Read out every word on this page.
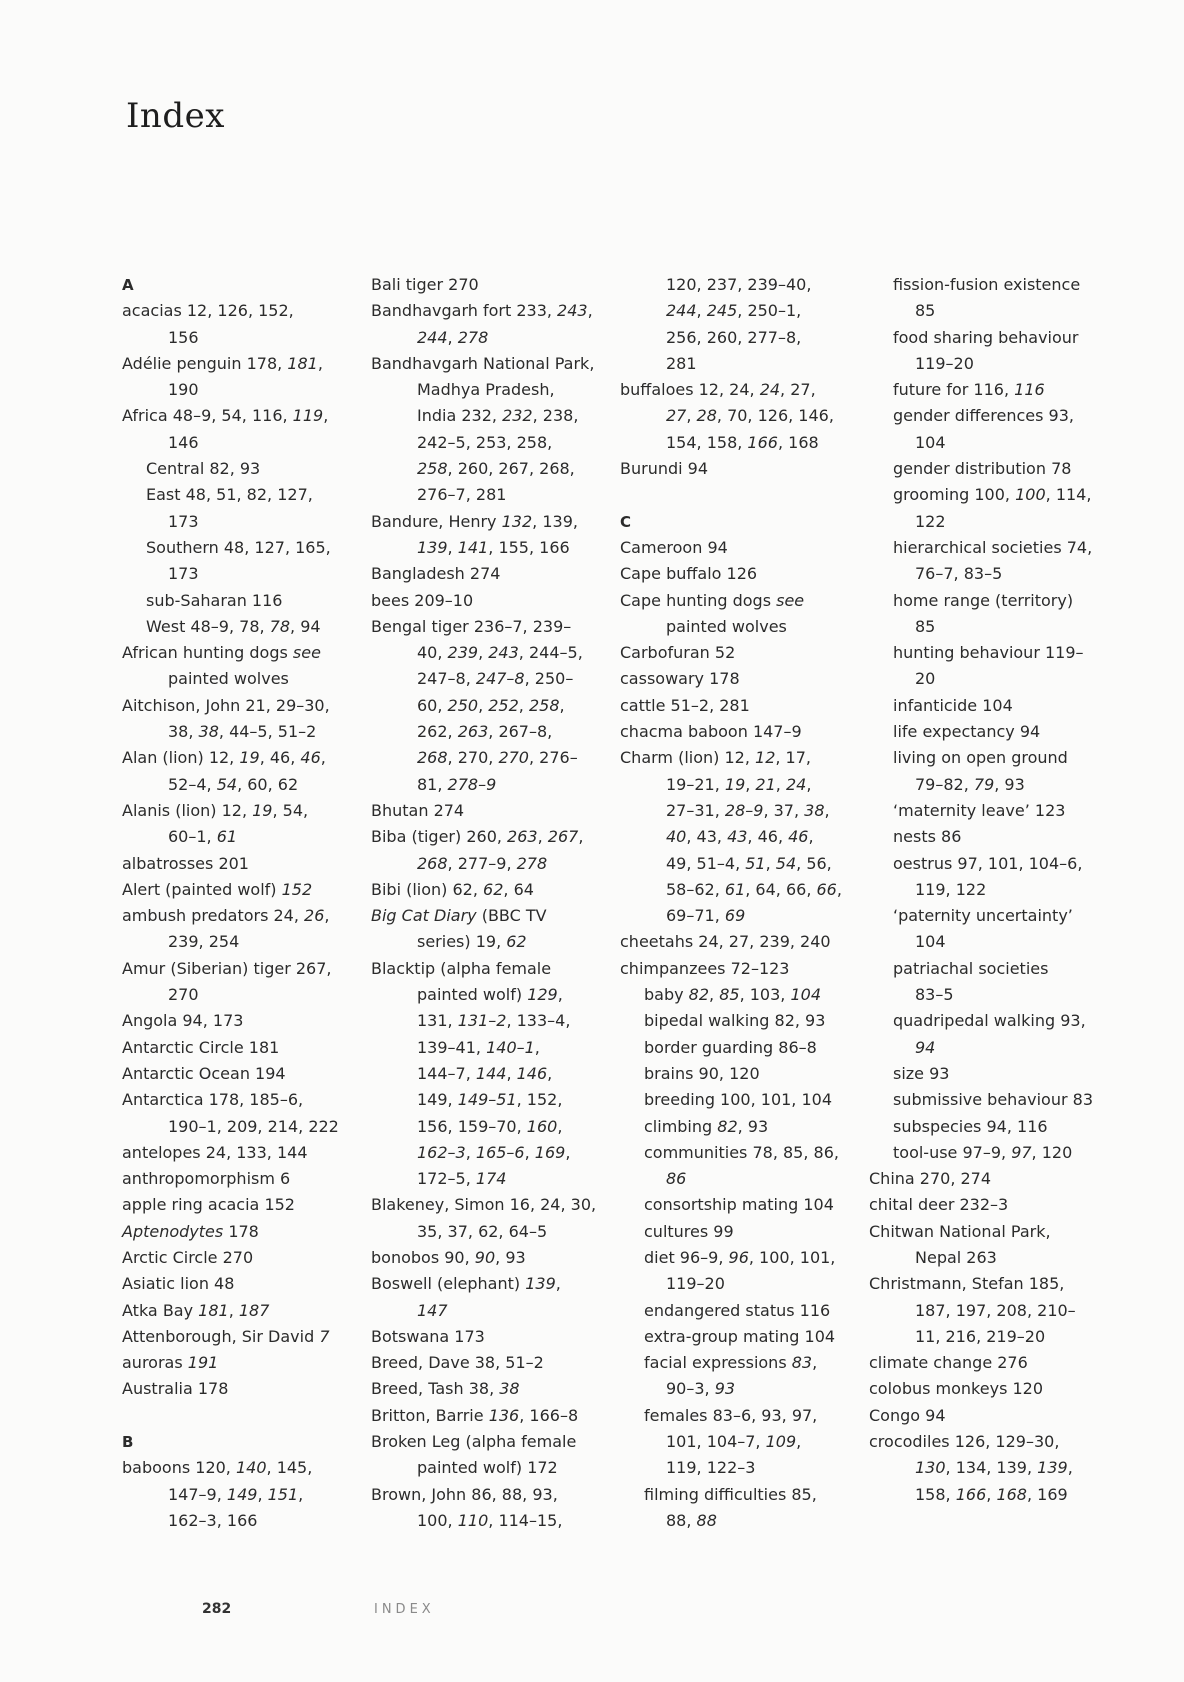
Index
A
acacias 12, 126, 152,
156
Adélie penguin 178, 181,
190
Africa 48–9, 54, 116, 119,
146
Central 82, 93
East 48, 51, 82, 127,
173
Southern 48, 127, 165,
173
sub-Saharan 116
West 48–9, 78, 78, 94
African hunting dogs see
painted wolves
Aitchison, John 21, 29–30,
38, 38, 44–5, 51–2
Alan (lion) 12, 19, 46, 46,
52–4, 54, 60, 62
Alanis (lion) 12, 19, 54,
60–1, 61
albatrosses 201
Alert (painted wolf) 152
ambush predators 24, 26,
239, 254
Amur (Siberian) tiger 267,
270
Angola 94, 173
Antarctic Circle 181
Antarctic Ocean 194
Antarctica 178, 185–6,
190–1, 209, 214, 222
antelopes 24, 133, 144
anthropomorphism 6
apple ring acacia 152
Aptenodytes 178
Arctic Circle 270
Asiatic lion 48
Atka Bay 181, 187
Attenborough, Sir David 7
auroras 191
Australia 178
B
baboons 120, 140, 145,
147–9, 149, 151,
162–3, 166
Bali tiger 270
Bandhavgarh fort 233, 243,
244, 278
Bandhavgarh National Park,
Madhya Pradesh,
India 232, 232, 238,
242–5, 253, 258,
258, 260, 267, 268,
276–7, 281
Bandure, Henry 132, 139,
139, 141, 155, 166
Bangladesh 274
bees 209–10
Bengal tiger 236–7, 239–
40, 239, 243, 244–5,
247–8, 247–8, 250–
60, 250, 252, 258,
262, 263, 267–8,
268, 270, 270, 276–
81, 278–9
Bhutan 274
Biba (tiger) 260, 263, 267,
268, 277–9, 278
Bibi (lion) 62, 62, 64
Big Cat Diary (BBC TV
series) 19, 62
Blacktip (alpha female
painted wolf) 129,
131, 131–2, 133–4,
139–41, 140–1,
144–7, 144, 146,
149, 149–51, 152,
156, 159–70, 160,
162–3, 165–6, 169,
172–5, 174
Blakeney, Simon 16, 24, 30,
35, 37, 62, 64–5
bonobos 90, 90, 93
Boswell (elephant) 139,
147
Botswana 173
Breed, Dave 38, 51–2
Breed, Tash 38, 38
Britton, Barrie 136, 166–8
Broken Leg (alpha female
painted wolf) 172
Brown, John 86, 88, 93,
100, 110, 114–15,
120, 237, 239–40,
244, 245, 250–1,
256, 260, 277–8,
281
buffaloes 12, 24, 24, 27,
27, 28, 70, 126, 146,
154, 158, 166, 168
Burundi 94
C
Cameroon 94
Cape buffalo 126
Cape hunting dogs see
painted wolves
Carbofuran 52
cassowary 178
cattle 51–2, 281
chacma baboon 147–9
Charm (lion) 12, 12, 17,
19–21, 19, 21, 24,
27–31, 28–9, 37, 38,
40, 43, 43, 46, 46,
49, 51–4, 51, 54, 56,
58–62, 61, 64, 66, 66,
69–71, 69
cheetahs 24, 27, 239, 240
chimpanzees 72–123
baby 82, 85, 103, 104
bipedal walking 82, 93
border guarding 86–8
brains 90, 120
breeding 100, 101, 104
climbing 82, 93
communities 78, 85, 86,
86
consortship mating 104
cultures 99
diet 96–9, 96, 100, 101,
119–20
endangered status 116
extra-group mating 104
facial expressions 83,
90–3, 93
females 83–6, 93, 97,
101, 104–7, 109,
119, 122–3
filming difficulties 85,
88, 88
fission-fusion existence
85
food sharing behaviour
119–20
future for 116, 116
gender differences 93,
104
gender distribution 78
grooming 100, 100, 114,
122
hierarchical societies 74,
76–7, 83–5
home range (territory)
85
hunting behaviour 119–
20
infanticide 104
life expectancy 94
living on open ground
79–82, 79, 93
‘maternity leave’ 123
nests 86
oestrus 97, 101, 104–6,
119, 122
‘paternity uncertainty’
104
patriachal societies
83–5
quadripedal walking 93,
94
size 93
submissive behaviour 83
subspecies 94, 116
tool-use 97–9, 97, 120
China 270, 274
chital deer 232–3
Chitwan National Park,
Nepal 263
Christmann, Stefan 185,
187, 197, 208, 210–
11, 216, 219–20
climate change 276
colobus monkeys 120
Congo 94
crocodiles 126, 129–30,
130, 134, 139, 139,
158, 166, 168, 169
282	INDEX
